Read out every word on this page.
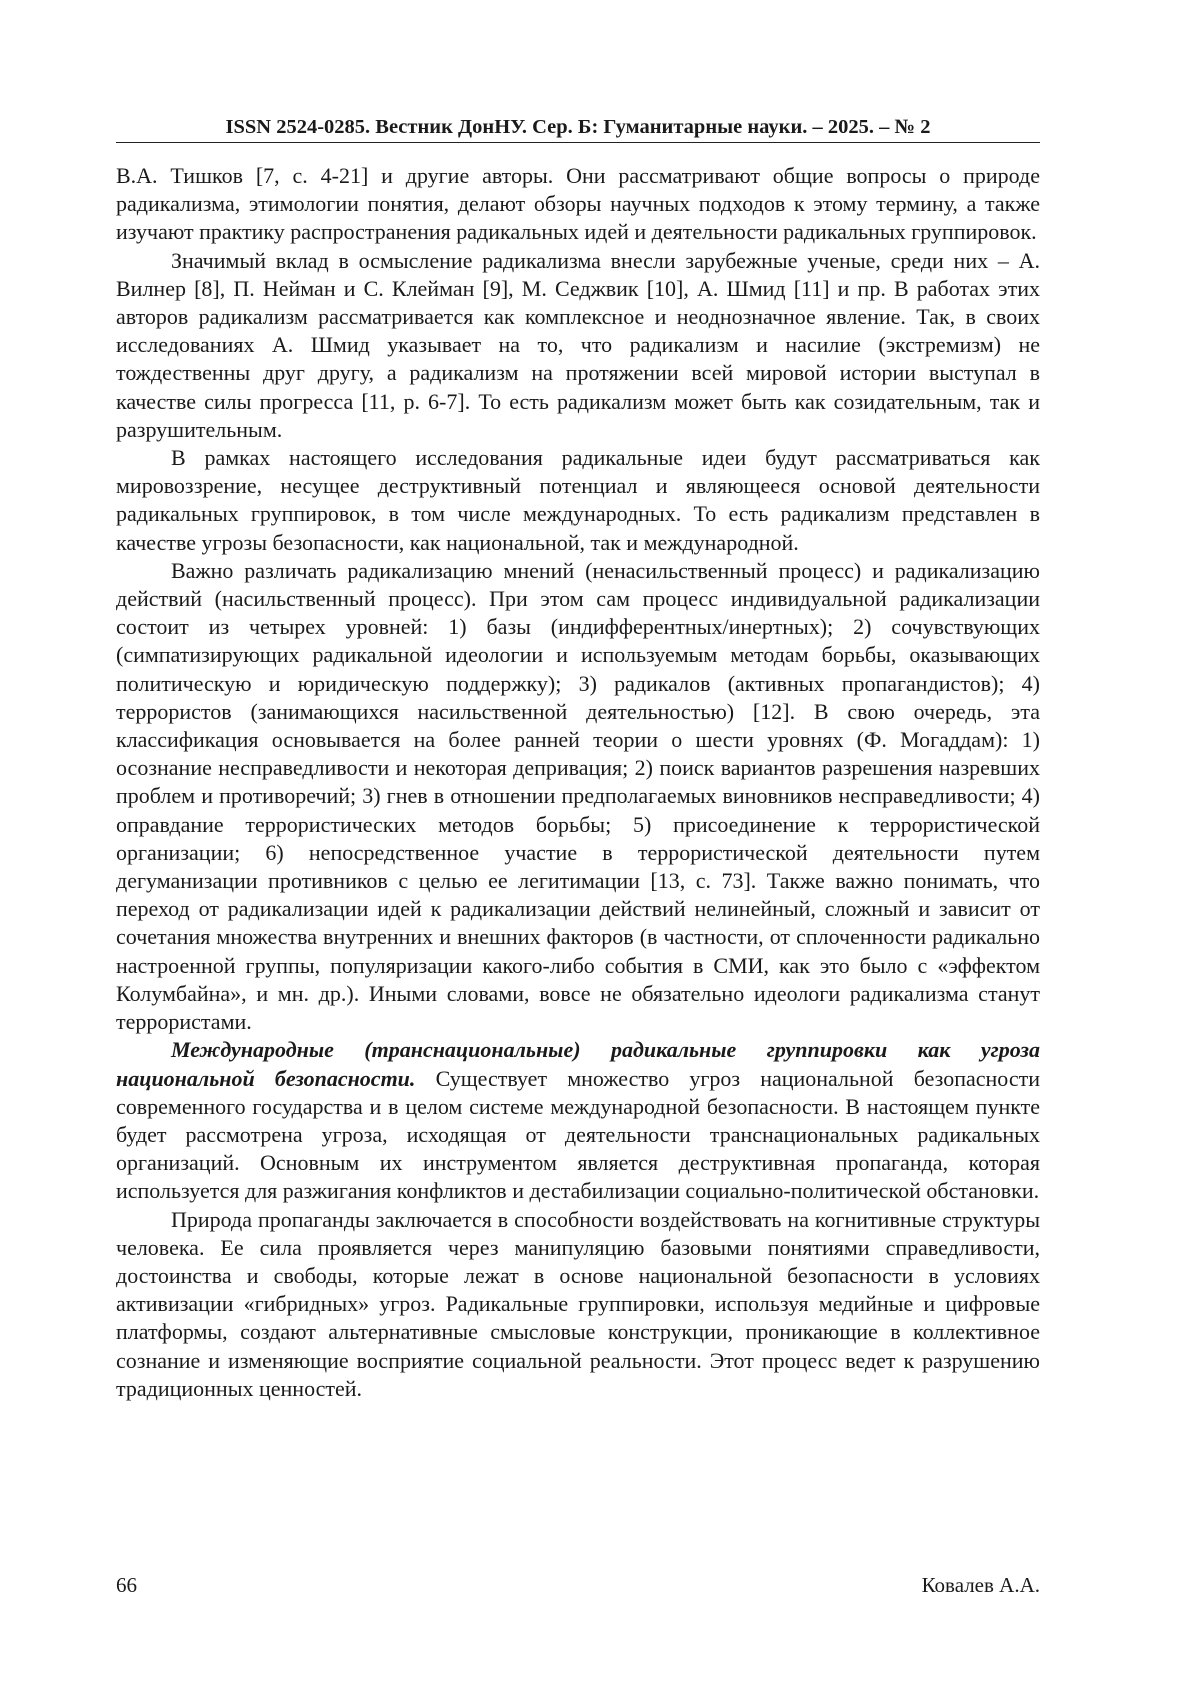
ISSN 2524-0285. Вестник ДонНУ. Сер. Б: Гуманитарные науки. – 2025. – № 2

В.А. Тишков [7, с. 4-21] и другие авторы. Они рассматривают общие вопросы о природе радикализма, этимологии понятия, делают обзоры научных подходов к этому термину, а также изучают практику распространения радикальных идей и деятельности радикальных группировок.

Значимый вклад в осмысление радикализма внесли зарубежные ученые, среди них – А. Вилнер [8], П. Нейман и С. Клейман [9], М. Седжвик [10], А. Шмид [11] и пр. В работах этих авторов радикализм рассматривается как комплексное и неоднозначное явление. Так, в своих исследованиях А. Шмид указывает на то, что радикализм и насилие (экстремизм) не тождественны друг другу, а радикализм на протяжении всей мировой истории выступал в качестве силы прогресса [11, р. 6-7]. То есть радикализм может быть как созидательным, так и разрушительным.

В рамках настоящего исследования радикальные идеи будут рассматриваться как мировоззрение, несущее деструктивный потенциал и являющееся основой деятельности радикальных группировок, в том числе международных. То есть радикализм представлен в качестве угрозы безопасности, как национальной, так и международной.

Важно различать радикализацию мнений (ненасильственный процесс) и радикализацию действий (насильственный процесс). При этом сам процесс индивидуальной радикализации состоит из четырех уровней: 1) базы (индифферентных/инертных); 2) сочувствующих (симпатизирующих радикальной идеологии и используемым методам борьбы, оказывающих политическую и юридическую поддержку); 3) радикалов (активных пропагандистов); 4) террористов (занимающихся насильственной деятельностью) [12]. В свою очередь, эта классификация основывается на более ранней теории о шести уровнях (Ф. Могаддам): 1) осознание несправедливости и некоторая депривация; 2) поиск вариантов разрешения назревших проблем и противоречий; 3) гнев в отношении предполагаемых виновников несправедливости; 4) оправдание террористических методов борьбы; 5) присоединение к террористической организации; 6) непосредственное участие в террористической деятельности путем дегуманизации противников с целью ее легитимации [13, с. 73]. Также важно понимать, что переход от радикализации идей к радикализации действий нелинейный, сложный и зависит от сочетания множества внутренних и внешних факторов (в частности, от сплоченности радикально настроенной группы, популяризации какого-либо события в СМИ, как это было с «эффектом Колумбайна», и мн. др.). Иными словами, вовсе не обязательно идеологи радикализма станут террористами.

Международные (транснациональные) радикальные группировки как угроза национальной безопасности. Существует множество угроз национальной безопасности современного государства и в целом системе международной безопасности. В настоящем пункте будет рассмотрена угроза, исходящая от деятельности транснациональных радикальных организаций. Основным их инструментом является деструктивная пропаганда, которая используется для разжигания конфликтов и дестабилизации социально-политической обстановки.

Природа пропаганды заключается в способности воздействовать на когнитивные структуры человека. Ее сила проявляется через манипуляцию базовыми понятиями справедливости, достоинства и свободы, которые лежат в основе национальной безопасности в условиях активизации «гибридных» угроз. Радикальные группировки, используя медийные и цифровые платформы, создают альтернативные смысловые конструкции, проникающие в коллективное сознание и изменяющие восприятие социальной реальности. Этот процесс ведет к разрушению традиционных ценностей.

66	Ковалев А.А.
